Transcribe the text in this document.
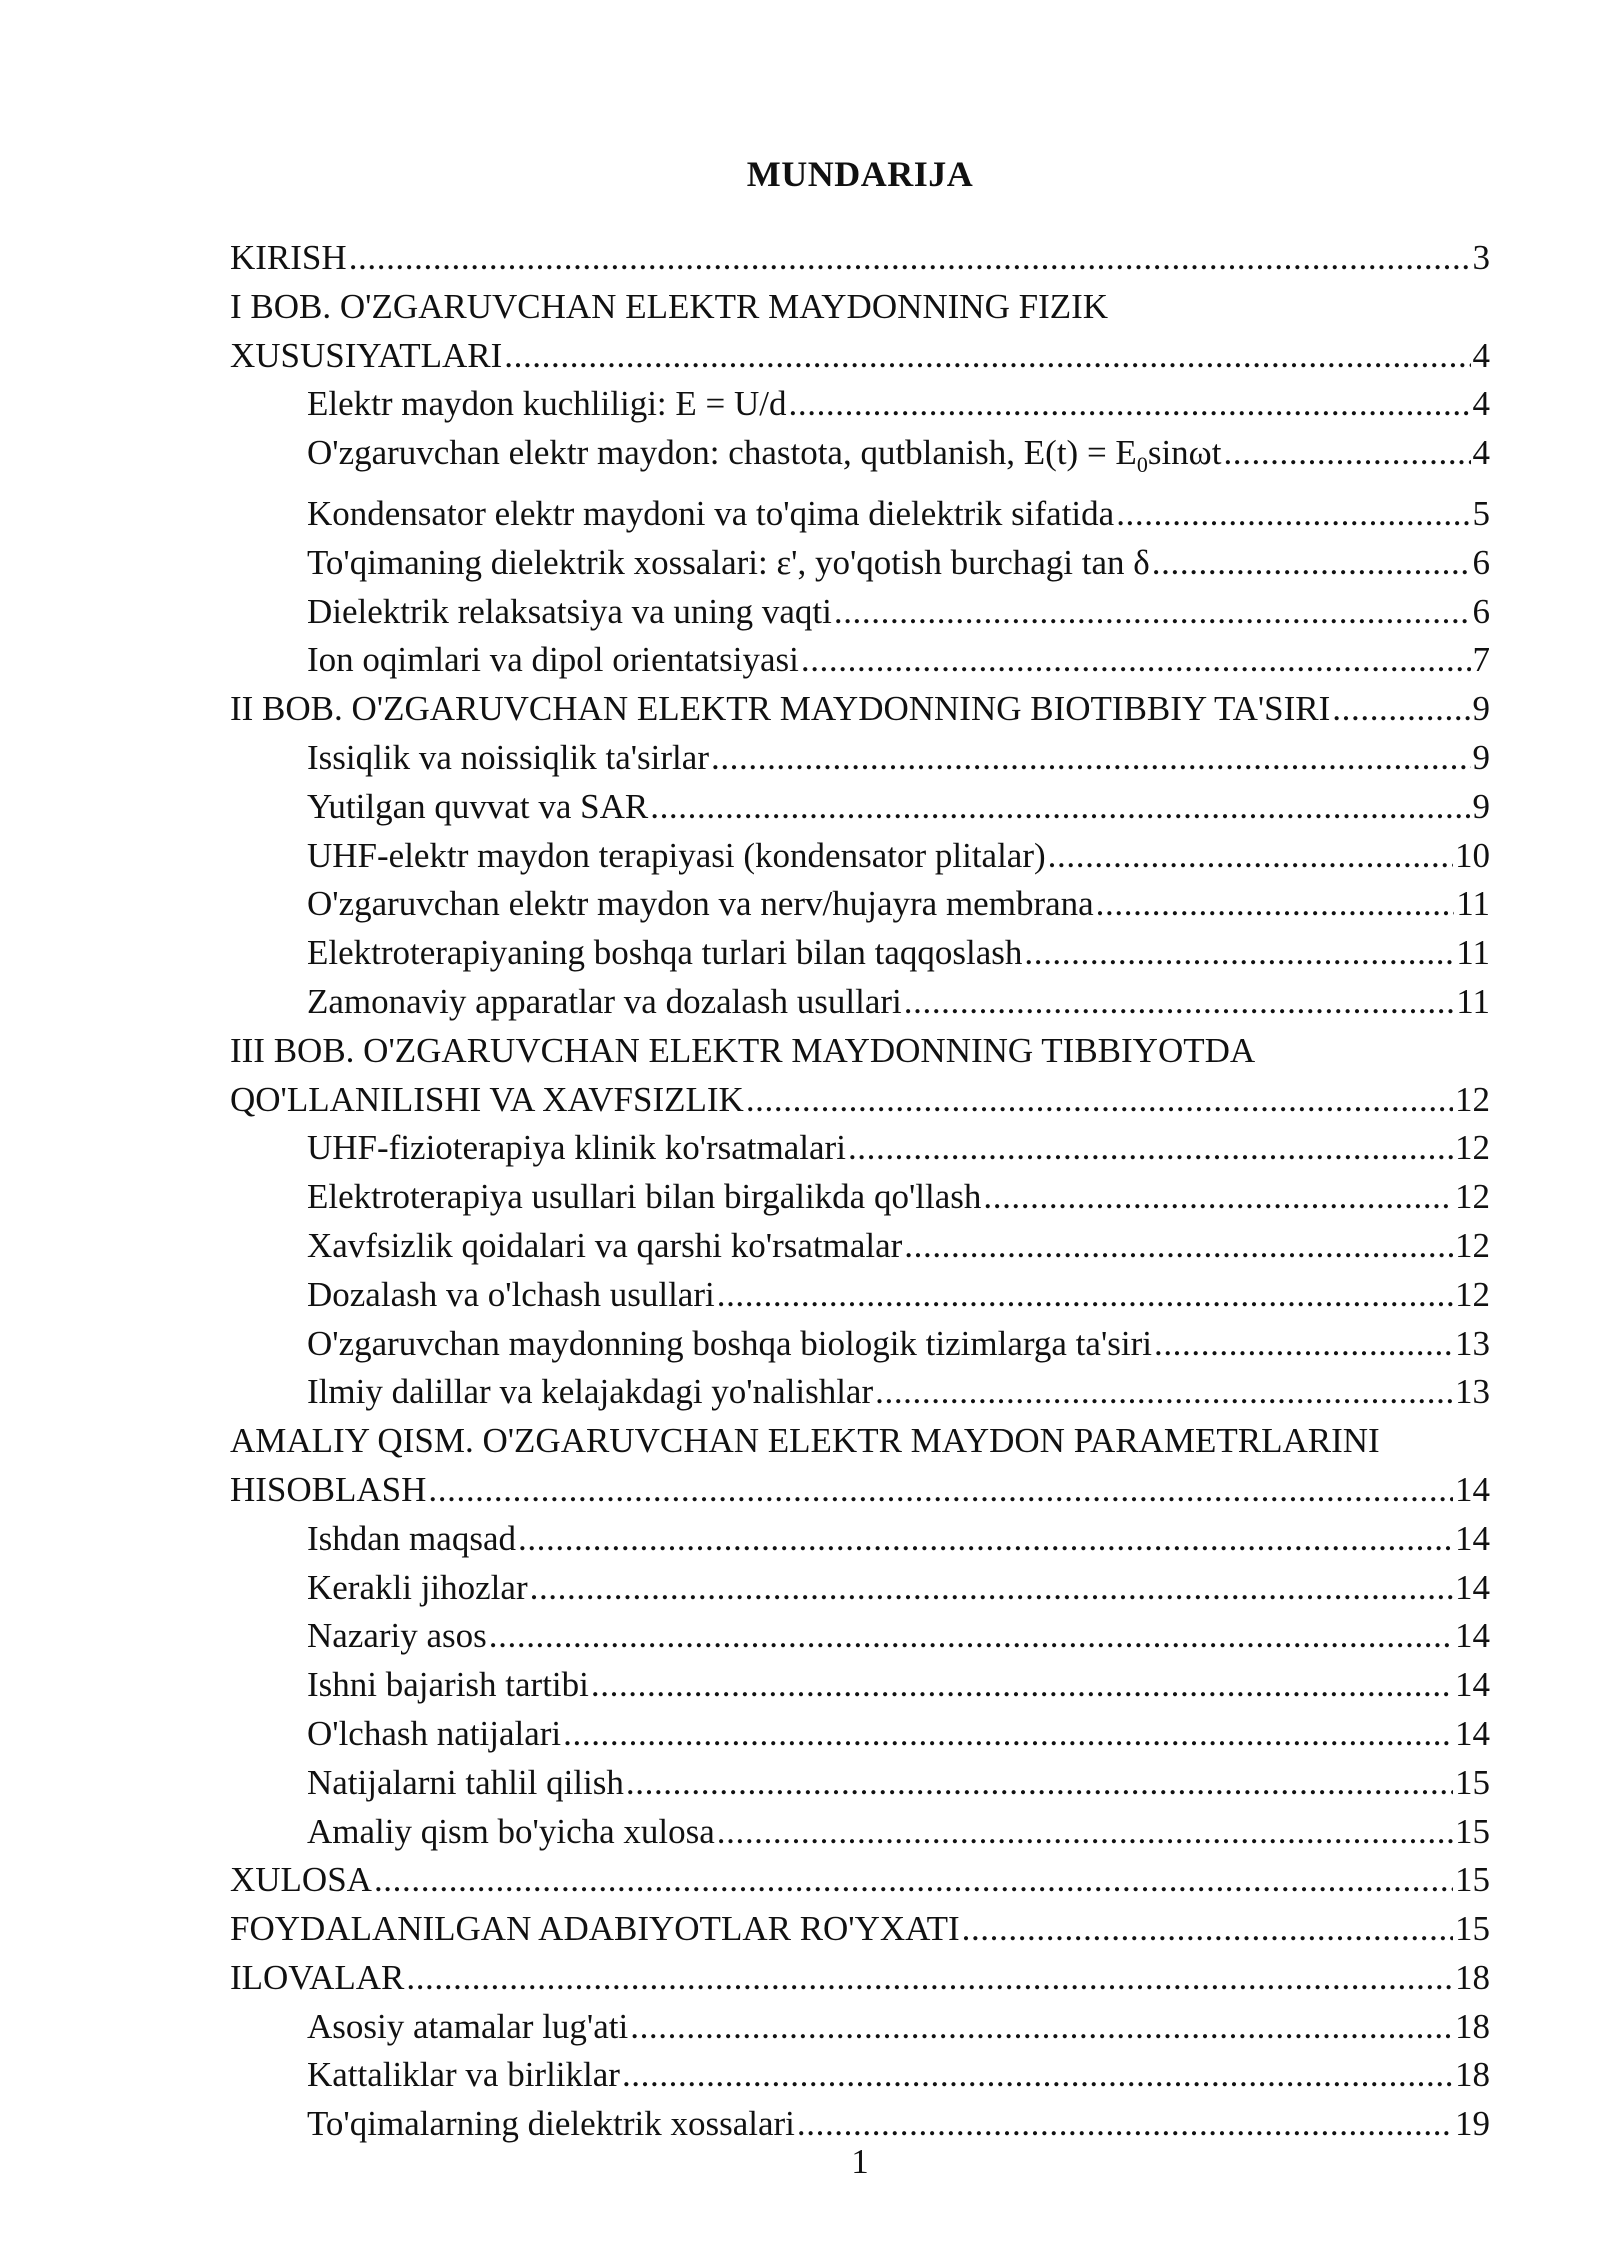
MUNDARIJA
KIRISH .....	3
I BOB. O'ZGARUVCHAN ELEKTR MAYDONNING FIZIK
XUSUSIYATLARI .....	4
Elektr maydon kuchliligi: E = U/d .....	4
O'zgaruvchan elektr maydon: chastota, qutblanish, $E(t) = E_0\sin\omega t$ .....	4
Kondensator elektr maydoni va to'qima dielektrik sifatida .....	5
To'qimaning dielektrik xossalari: ε', yo'qotish burchagi tan δ .....	6
Dielektrik relaksatsiya va uning vaqti .....	6
Ion oqimlari va dipol orientatsiyasi .....	7
II BOB. O'ZGARUVCHAN ELEKTR MAYDONNING BIOTIBBIY TA'SIRI .....	9
Issiqlik va noissiqlik ta'sirlar .....	9
Yutilgan quvvat va SAR .....	9
UHF-elektr maydon terapiyasi (kondensator plitalar) .....	10
O'zgaruvchan elektr maydon va nerv/hujayra membrana .....	11
Elektroterapiyaning boshqa turlari bilan taqqoslash .....	11
Zamonaviy apparatlar va dozalash usullari .....	11
III BOB. O'ZGARUVCHAN ELEKTR MAYDONNING TIBBIYOTDA
QO'LLANILISHI VA XAVFSIZLIK .....	12
UHF-fizioterapiya klinik ko'rsatmalari .....	12
Elektroterapiya usullari bilan birgalikda qo'llash .....	12
Xavfsizlik qoidalari va qarshi ko'rsatmalar .....	12
Dozalash va o'lchash usullari .....	12
O'zgaruvchan maydonning boshqa biologik tizimlarga ta'siri .....	13
Ilmiy dalillar va kelajakdagi yo'nalishlar .....	13
AMALIY QISM. O'ZGARUVCHAN ELEKTR MAYDON PARAMETRLARINI
HISOBLASH .....	14
Ishdan maqsad .....	14
Kerakli jihozlar .....	14
Nazariy asos .....	14
Ishni bajarish tartibi .....	14
O'lchash natijalari .....	14
Natijalarni tahlil qilish .....	15
Amaliy qism bo'yicha xulosa .....	15
XULOSA .....	15
FOYDALANILGAN ADABIYOTLAR RO'YXATI .....	15
ILOVALAR .....	18
Asosiy atamalar lug'ati .....	18
Kattaliklar va birliklar .....	18
To'qimalarning dielektrik xossalari .....	19
1
